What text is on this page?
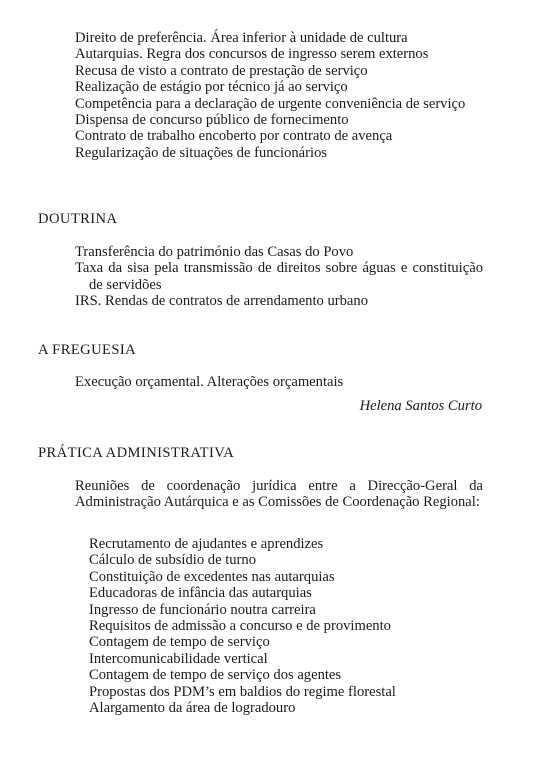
Direito de preferência. Área inferior à unidade de cultura
Autarquias. Regra dos concursos de ingresso serem externos
Recusa de visto a contrato de prestação de serviço
Realização de estágio por técnico já ao serviço
Competência para a declaração de urgente conveniência de serviço
Dispensa de concurso público de fornecimento
Contrato de trabalho encoberto por contrato de avença
Regularização de situações de funcionários
DOUTRINA
Transferência do património das Casas do Povo
Taxa da sisa pela transmissão de direitos sobre águas e constituição de servidões
IRS. Rendas de contratos de arrendamento urbano
A FREGUESIA
Execução orçamental. Alterações orçamentais

Helena Santos Curto

PRÁTICA ADMINISTRATIVA

Reuniões de coordenação jurídica entre a Direcção-Geral da Administração Autárquica e as Comissões de Coordenação Regional:

Recrutamento de ajudantes e aprendizes
Cálculo de subsídio de turno
Constituição de excedentes nas autarquias
Educadoras de infância das autarquias
Ingresso de funcionário noutra carreira
Requisitos de admissão a concurso e de provimento
Contagem de tempo de serviço
Intercomunicabilidade vertical
Contagem de tempo de serviço dos agentes
Propostas dos PDM’s em baldios do regime florestal
Alargamento da área de logradouro
